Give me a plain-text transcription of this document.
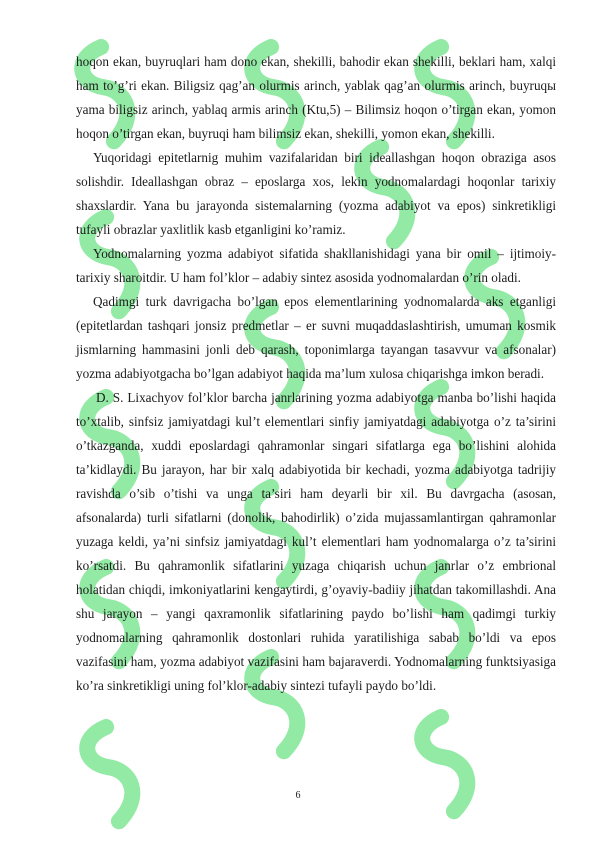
hoqon ekan, buyruqlari ham dono ekan, shekilli, bahodir ekan shekilli, beklari ham, xalqi ham to’g’ri ekan. Biligsiz qag’an olurmis arinch, yablak qag’an olurmis arinch, buyruqы yama biligsiz arinch, yablaq armis arinch (Ktu,5) – Bilimsiz hoqon o’tirgan ekan, yomon hoqon o’tirgan ekan, buyruqi ham bilimsiz ekan, shekilli, yomon ekan, shekilli.

Yuqoridagi epitetlarnig muhim vazifalaridan biri ideallashgan hoqon obraziga asos solishdir. Ideallashgan obraz – eposlarga xos, lekin yodnomalardagi hoqonlar tarixiy shaxslardir. Yana bu jarayonda sistemalarning (yozma adabiyot va epos) sinkretikligi tufayli obrazlar yaxlitlik kasb etganligini ko’ramiz.

Yodnomalarning yozma adabiyot sifatida shakllanishidagi yana bir omil – ijtimoiy-tarixiy sharoitdir. U ham fol’klor – adabiy sintez asosida yodnomalardan o’rin oladi.

Qadimgi turk davrigacha bo’lgan epos elementlarining yodnomalarda aks etganligi (epitetlardan tashqari jonsiz predmetlar – er suvni muqaddaslashtirish, umuman kosmik jismlarning hammasini jonli deb qarash, toponimlarga tayangan tasavvur va afsonalar) yozma adabiyotgacha bo’lgan adabiyot haqida ma’lum xulosa chiqarishga imkon beradi.

D. S. Lixachyov fol’klor barcha janrlarining yozma adabiyotga manba bo’lishi haqida to’xtalib, sinfsiz jamiyatdagi kul’t elementlari sinfiy jamiyatdagi adabiyotga o’z ta’sirini o’tkazganda, xuddi eposlardagi qahramonlar singari sifatlarga ega bo’lishini alohida ta’kidlaydi. Bu jarayon, har bir xalq adabiyotida bir kechadi, yozma adabiyotga tadrijiy ravishda o’sib o’tishi va unga ta’siri ham deyarli bir xil. Bu davrgacha (asosan, afsonalarda) turli sifatlarni (donolik, bahodirlik) o’zida mujassamlantirgan qahramonlar yuzaga keldi, ya’ni sinfsiz jamiyatdagi kul’t elementlari ham yodnomalarga o’z ta’sirini ko’rsatdi. Bu qahramonlik sifatlarini yuzaga chiqarish uchun janrlar o’z embrional holatidan chiqdi, imkoniyatlarini kengaytirdi, g’oyaviy-badiiy jihatdan takomillashdi. Ana shu jarayon – yangi qaxramonlik sifatlarining paydo bo’lishi ham qadimgi turkiy yodnomalarning qahramonlik dostonlari ruhida yaratilishiga sabab bo’ldi va epos vazifasini ham, yozma adabiyot vazifasini ham bajaraverdi. Yodnomalarning funktsiyasiga ko’ra sinkretikligi uning fol’klor-adabiy sintezi tufayli paydo bo’ldi.

6
